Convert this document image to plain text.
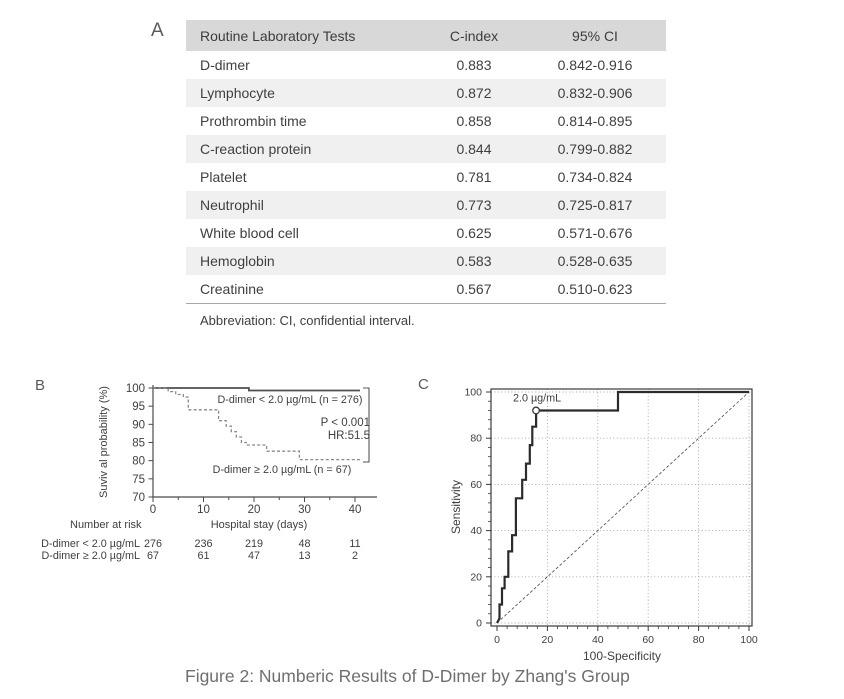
A	Routine Laboratory Tests	C-index	95% CI
D-dimer	0.883	0.842-0.916
Lymphocyte	0.872	0.832-0.906
Prothrombin time	0.858	0.814-0.895
C-reaction protein	0.844	0.799-0.882
Platelet	0.781	0.734-0.824
Neutrophil	0.773	0.725-0.817
White blood cell	0.625	0.571-0.676
Hemoglobin	0.583	0.528-0.635
Creatinine	0.567	0.510-0.623
Abbreviation: CI, confidential interval.
B
70
75
80
85
90
95
100
0	10	20	30	40
Suviv al probability (%)
Hospital stay (days)
D-dimer < 2.0 µg/mL (n = 276)
D-dimer ≥ 2.0 µg/mL (n = 67)
P < 0.001
HR:51.5
Number at risk
D-dimer < 2.0 µg/mL 276	236	219	48	11
D-dimer ≥ 2.0 µg/mL 67	61	47	13	2
C
0	20	40	60	80	100
0
20
40
60
80
100	2.0 µg/mL
Sensitivity
100-Specificity
Figure 2: Numberic Results of D-Dimer by Zhang's Group
